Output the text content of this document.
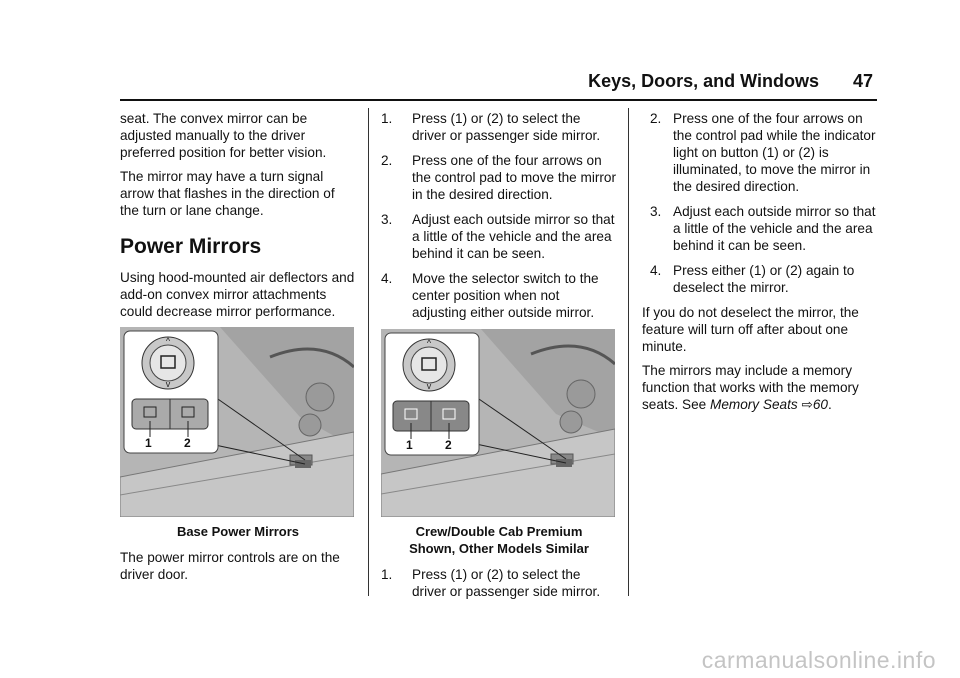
Keys, Doors, and Windows 47

seat. The convex mirror can be adjusted manually to the driver preferred position for better vision.

The mirror may have a turn signal arrow that flashes in the direction of the turn or lane change.

Power Mirrors

Using hood-mounted air deflectors and add-on convex mirror attachments could decrease mirror performance.

^
v
1	2
Base Power Mirrors

The power mirror controls are on the driver door.

1. Press (1) or (2) to select the driver or passenger side mirror.
2. Press one of the four arrows on the control pad to move the mirror in the desired direction.
3. Adjust each outside mirror so that a little of the vehicle and the area behind it can be seen.
4. Move the selector switch to the center position when not adjusting either outside mirror.
^
v
1	2
Crew/Double Cab Premium
Shown, Other Models Similar
1. Press (1) or (2) to select the driver or passenger side mirror.
2. Press one of the four arrows on the control pad while the indicator light on button (1) or (2) is illuminated, to move the mirror in the desired direction.
3. Adjust each outside mirror so that a little of the vehicle and the area behind it can be seen.
4. Press either (1) or (2) again to deselect the mirror.

If you do not deselect the mirror, the feature will turn off after about one minute.

The mirrors may include a memory function that works with the memory seats. See Memory Seats ⇨60.

carmanualsonline.info
